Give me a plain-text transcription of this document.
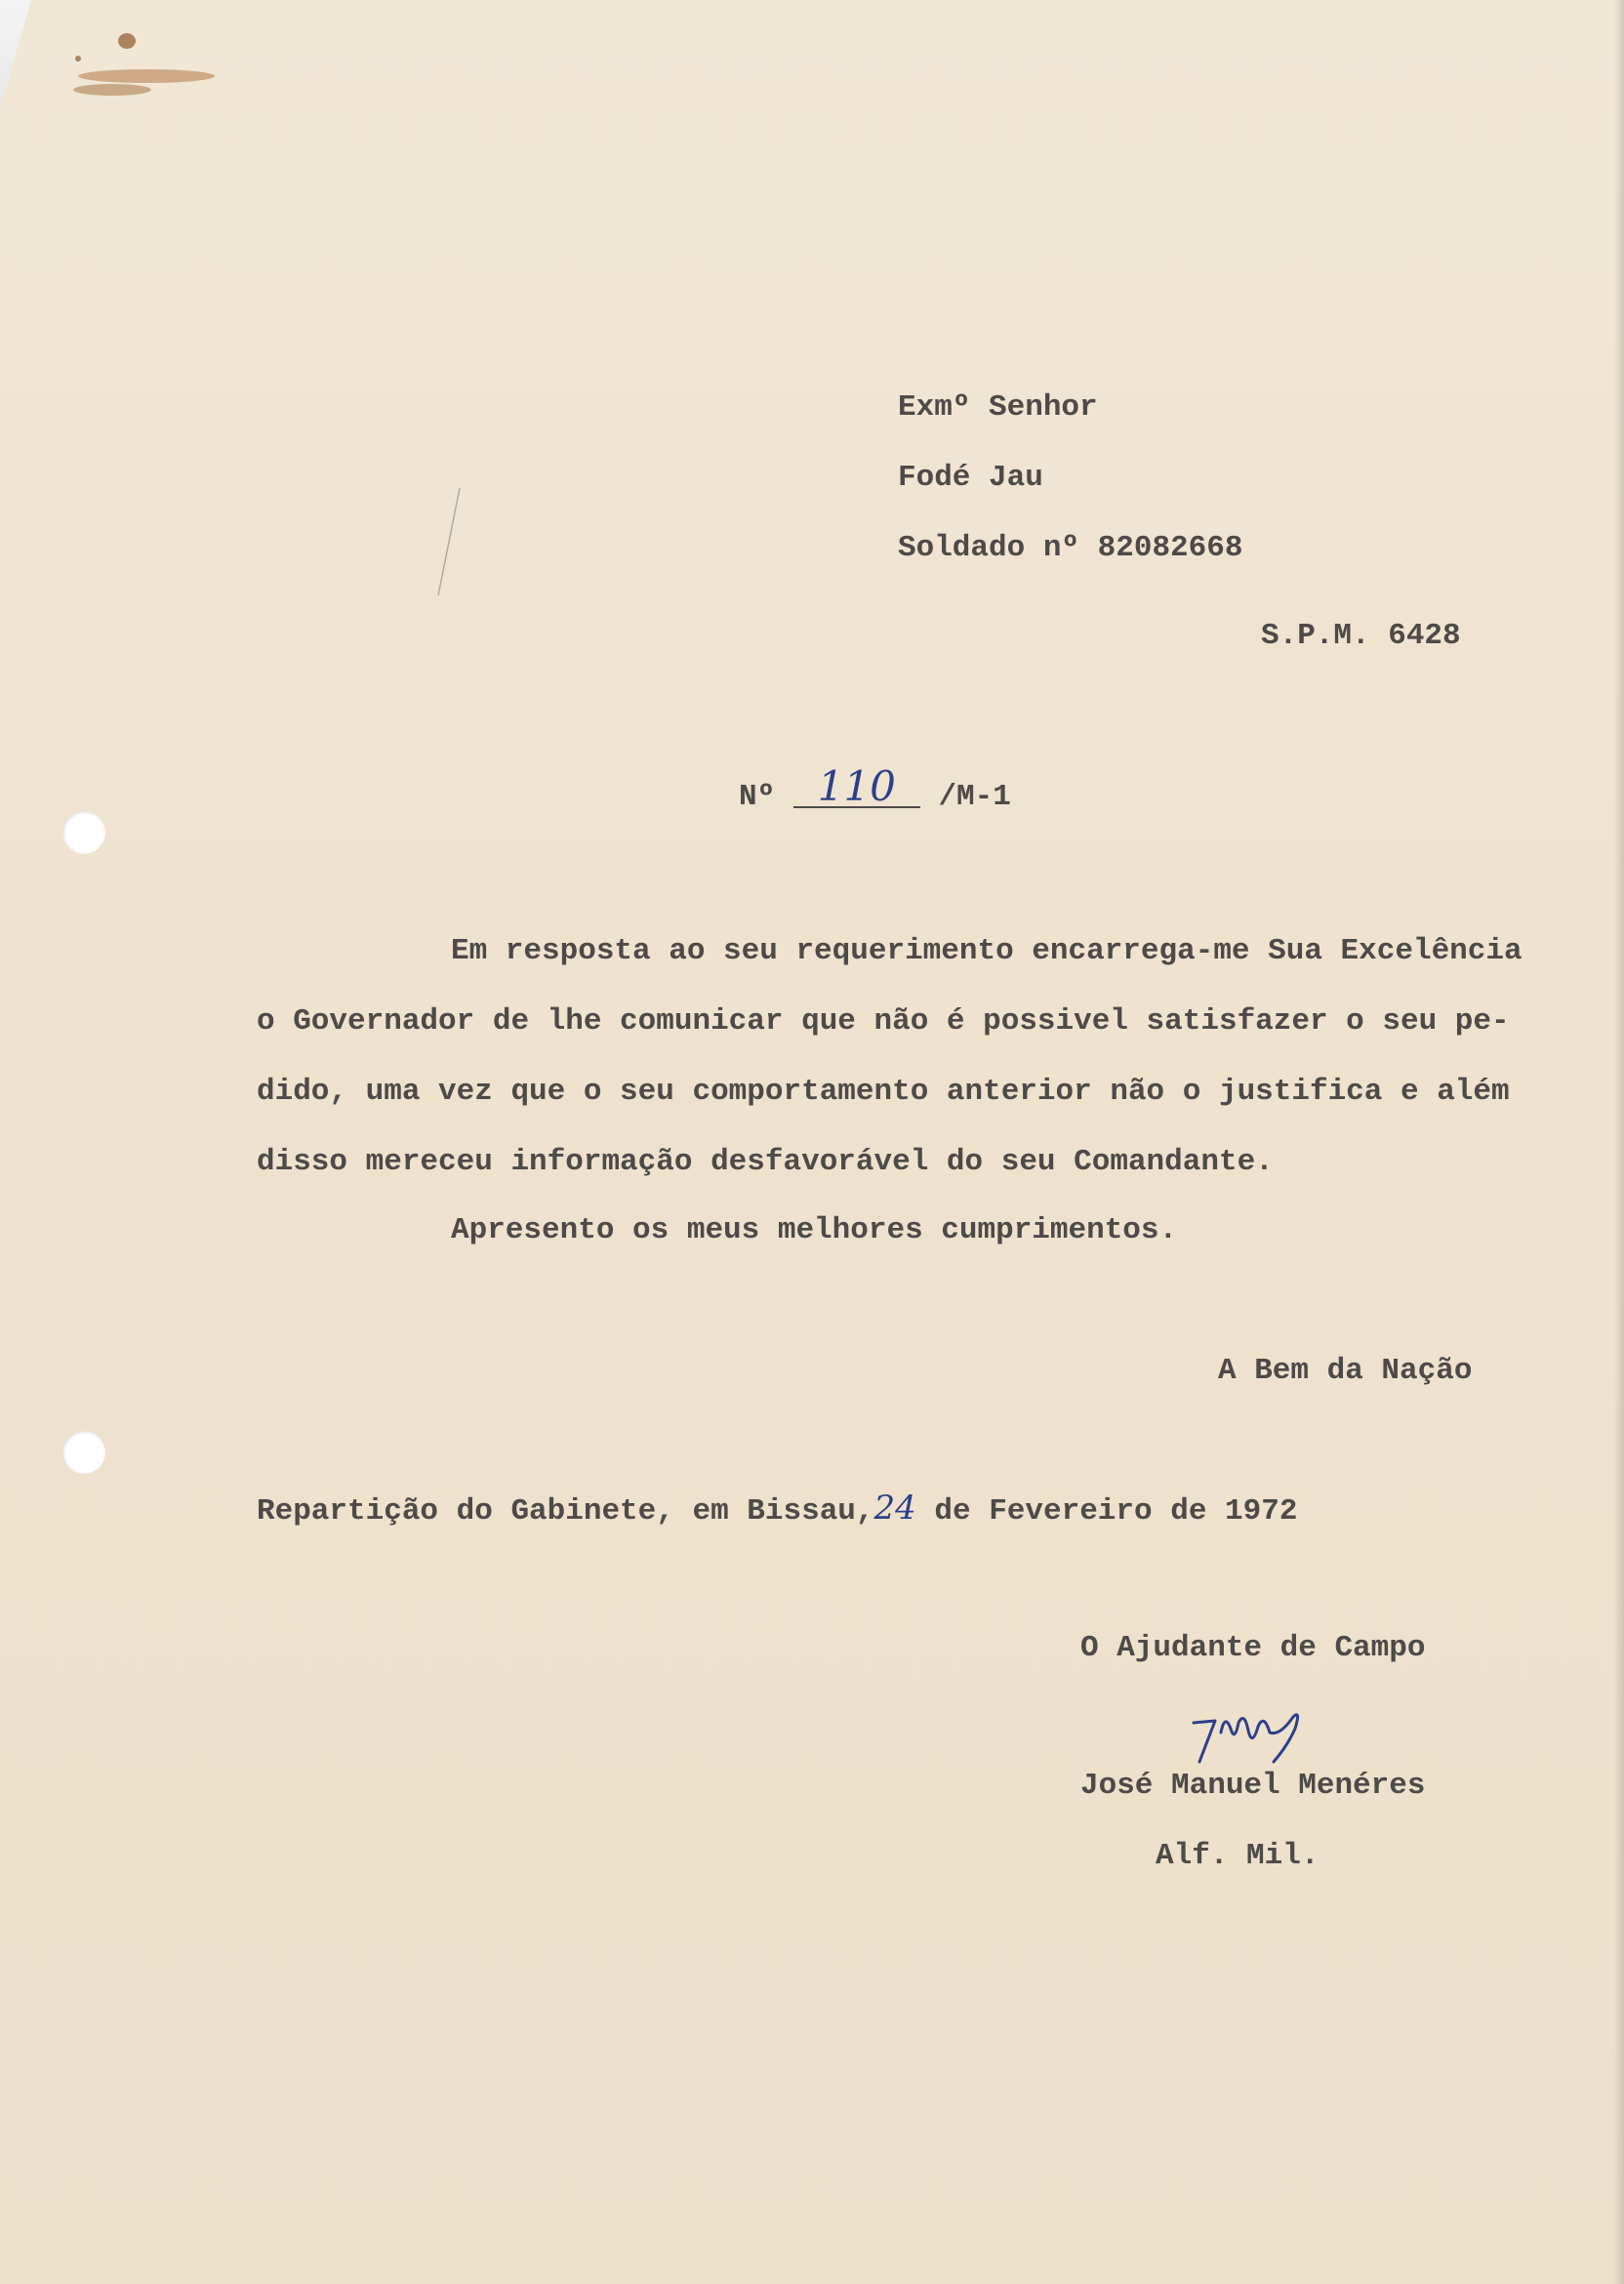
Exmº Senhor
Fodé Jau
Soldado nº 82082668
S.P.M. 6428
Nº 110 /M-1
Em resposta ao seu requerimento encarrega-me Sua Excelência
o Governador de lhe comunicar que não é possivel satisfazer o seu pe-
dido, uma vez que o seu comportamento anterior não o justifica e além
disso mereceu informação desfavorável do seu Comandante.
Apresento os meus melhores cumprimentos.
A Bem da Nação
Repartição do Gabinete, em Bissau,24 de Fevereiro de 1972
O Ajudante de Campo
José Manuel Menéres
Alf. Mil.
